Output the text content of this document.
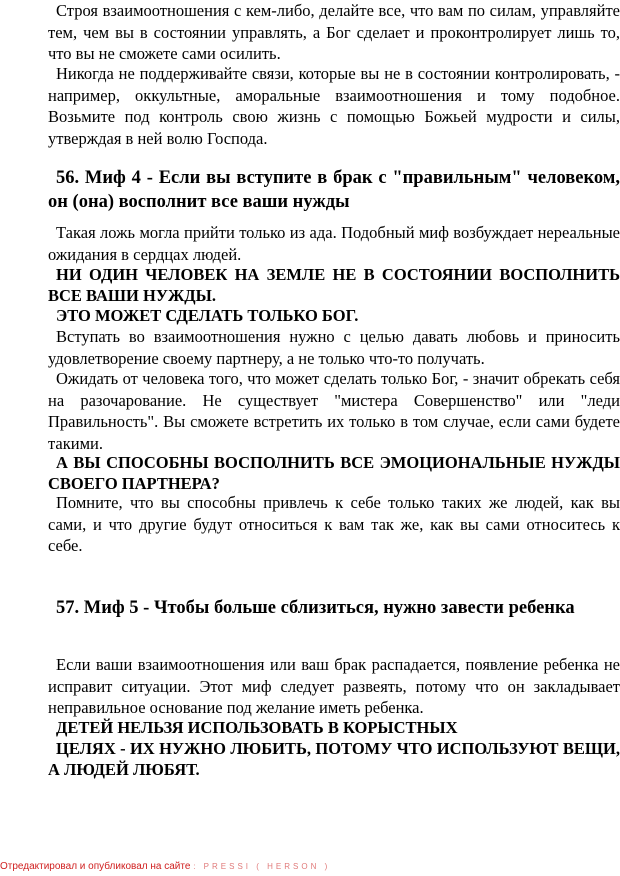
Строя взаимоотношения с кем-либо, делайте все, что вам по силам, управляйте тем, чем вы в состоянии управлять, а Бог сделает и проконтролирует лишь то, что вы не сможете сами осилить.

Никогда не поддерживайте связи, которые вы не в состоянии контролировать, - например, оккультные, аморальные взаимоотношения и тому подобное. Возьмите под контроль свою жизнь с помощью Божьей мудрости и силы, утверждая в ней волю Господа.

56. Миф 4 - Если вы вступите в брак с "правильным" человеком, он (она) восполнит все ваши нужды

Такая ложь могла прийти только из ада. Подобный миф возбуждает нереальные ожидания в сердцах людей.

НИ ОДИН ЧЕЛОВЕК НА ЗЕМЛЕ НЕ В СОСТОЯНИИ ВОСПОЛНИТЬ ВСЕ ВАШИ НУЖДЫ.

ЭТО МОЖЕТ СДЕЛАТЬ ТОЛЬКО БОГ.

Вступать во взаимоотношения нужно с целью давать любовь и приносить удовлетворение своему партнеру, а не только что-то получать.

Ожидать от человека того, что может сделать только Бог, - значит обрекать себя на разочарование. Не существует "мистера Совершенство" или "леди Правильность". Вы сможете встретить их только в том случае, если сами будете такими.

А ВЫ СПОСОБНЫ ВОСПОЛНИТЬ ВСЕ ЭМОЦИОНАЛЬНЫЕ НУЖДЫ СВОЕГО ПАРТНЕРА?

Помните, что вы способны привлечь к себе только таких же людей, как вы сами, и что другие будут относиться к вам так же, как вы сами относитесь к себе.

57. Миф 5 - Чтобы больше сблизиться, нужно завести ребенка

Если ваши взаимоотношения или ваш брак распадается, появление ребенка не исправит ситуации. Этот миф следует развеять, потому что он закладывает неправильное основание под желание иметь ребенка.

ДЕТЕЙ НЕЛЬЗЯ ИСПОЛЬЗОВАТЬ В КОРЫСТНЫХ

ЦЕЛЯХ - ИХ НУЖНО ЛЮБИТЬ, ПОТОМУ ЧТО ИСПОЛЬЗУЮТ ВЕЩИ, А ЛЮДЕЙ ЛЮБЯТ.

Отредактировал и опубликовал на сайте : PRESSI ( HERSON )
